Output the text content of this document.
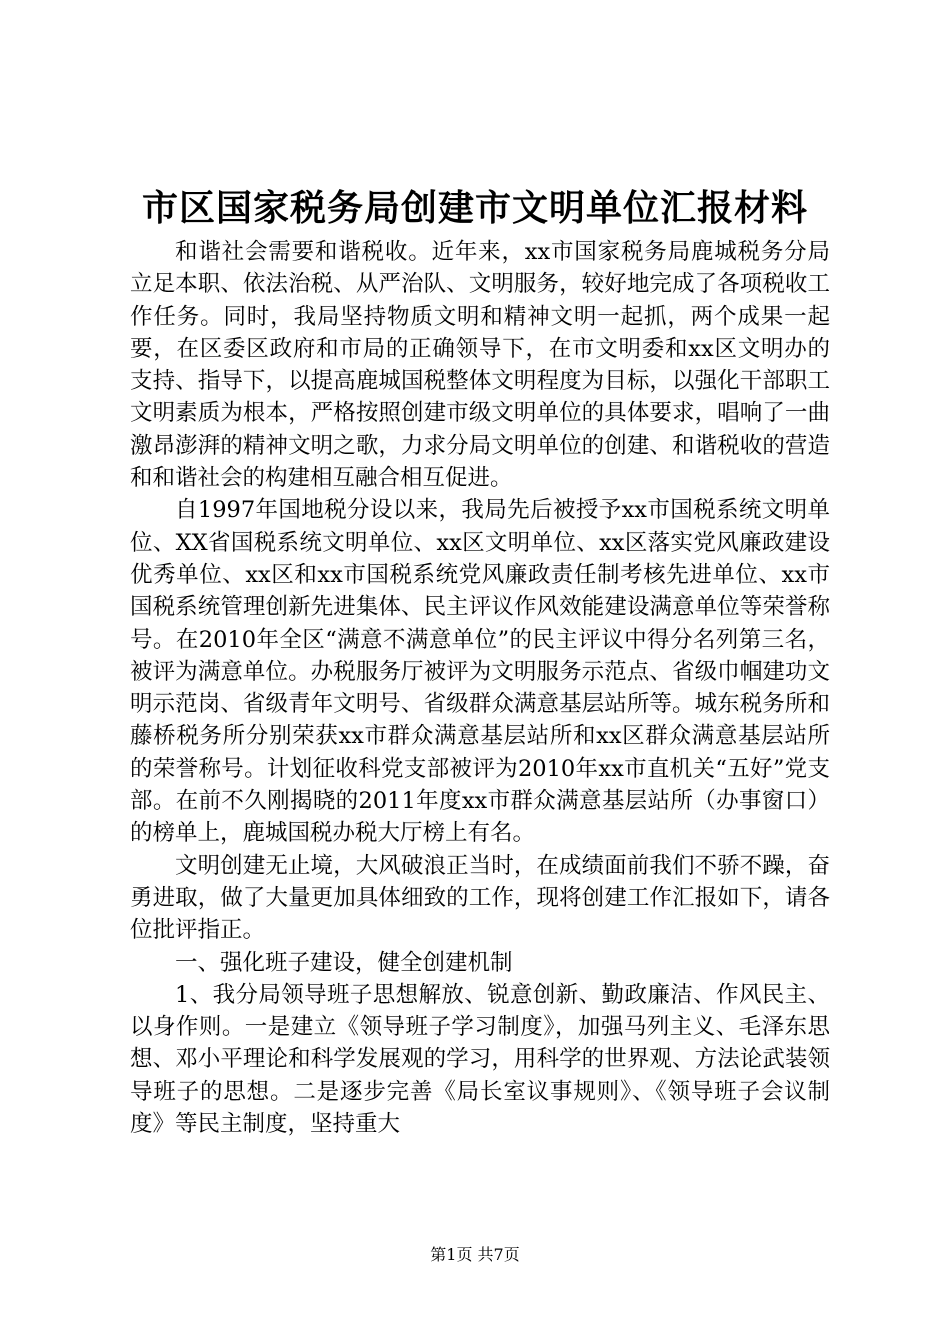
市区国家税务局创建市文明单位汇报材料

和谐社会需要和谐税收。近年来，xx市国家税务局鹿城税务分局立足本职、依法治税、从严治队、文明服务，较好地完成了各项税收工作任务。同时，我局坚持物质文明和精神文明一起抓，两个成果一起要，在区委区政府和市局的正确领导下，在市文明委和xx区文明办的支持、指导下，以提高鹿城国税整体文明程度为目标，以强化干部职工文明素质为根本，严格按照创建市级文明单位的具体要求，唱响了一曲激昂澎湃的精神文明之歌，力求分局文明单位的创建、和谐税收的营造和和谐社会的构建相互融合相互促进。

自1997年国地税分设以来，我局先后被授予xx市国税系统文明单位、XX省国税系统文明单位、xx区文明单位、xx区落实党风廉政建设优秀单位、xx区和xx市国税系统党风廉政责任制考核先进单位、xx市国税系统管理创新先进集体、民主评议作风效能建设满意单位等荣誉称号。在2010年全区“满意不满意单位”的民主评议中得分名列第三名，被评为满意单位。办税服务厅被评为文明服务示范点、省级巾帼建功文明示范岗、省级青年文明号、省级群众满意基层站所等。城东税务所和藤桥税务所分别荣获xx市群众满意基层站所和xx区群众满意基层站所的荣誉称号。计划征收科党支部被评为2010年xx市直机关“五好”党支部。在前不久刚揭晓的2011年度xx市群众满意基层站所（办事窗口）的榜单上，鹿城国税办税大厅榜上有名。

文明创建无止境，大风破浪正当时，在成绩面前我们不骄不躁，奋勇进取，做了大量更加具体细致的工作，现将创建工作汇报如下，请各位批评指正。

一、强化班子建设，健全创建机制

1、我分局领导班子思想解放、锐意创新、勤政廉洁、作风民主、以身作则。一是建立《领导班子学习制度》，加强马列主义、毛泽东思想、邓小平理论和科学发展观的学习，用科学的世界观、方法论武装领导班子的思想。二是逐步完善《局长室议事规则》、《领导班子会议制度》等民主制度，坚持重大

第1页 共7页
